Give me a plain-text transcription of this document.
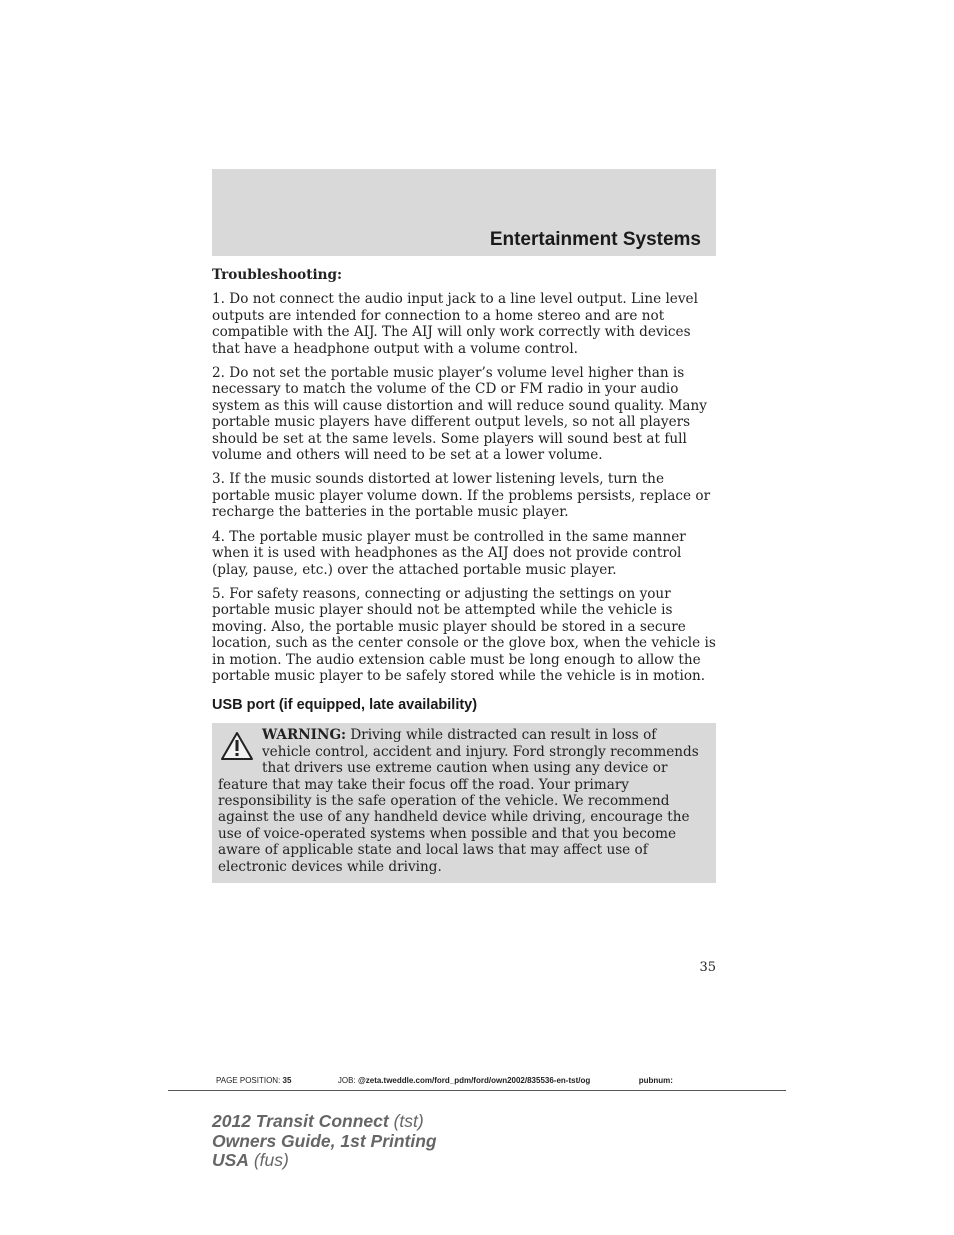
Entertainment Systems
Troubleshooting:

1. Do not connect the audio input jack to a line level output. Line level outputs are intended for connection to a home stereo and are not compatible with the AIJ. The AIJ will only work correctly with devices that have a headphone output with a volume control.

2. Do not set the portable music player’s volume level higher than is necessary to match the volume of the CD or FM radio in your audio system as this will cause distortion and will reduce sound quality. Many portable music players have different output levels, so not all players should be set at the same levels. Some players will sound best at full volume and others will need to be set at a lower volume.

3. If the music sounds distorted at lower listening levels, turn the portable music player volume down. If the problems persists, replace or recharge the batteries in the portable music player.

4. The portable music player must be controlled in the same manner when it is used with headphones as the AIJ does not provide control (play, pause, etc.) over the attached portable music player.

5. For safety reasons, connecting or adjusting the settings on your portable music player should not be attempted while the vehicle is moving. Also, the portable music player should be stored in a secure location, such as the center console or the glove box, when the vehicle is in motion. The audio extension cable must be long enough to allow the portable music player to be safely stored while the vehicle is in motion.

USB port (if equipped, late availability)
WARNING: Driving while distracted can result in loss of vehicle control, accident and injury. Ford strongly recommends that drivers use extreme caution when using any device or feature that may take their focus off the road. Your primary responsibility is the safe operation of the vehicle. We recommend against the use of any handheld device while driving, encourage the use of voice-operated systems when possible and that you become aware of applicable state and local laws that may affect use of electronic devices while driving.
35
PAGE POSITION: 35	JOB: @zeta.tweddle.com/ford_pdm/ford/own2002/835536-en-tst/og	pubnum:
2012 Transit Connect (tst)
Owners Guide, 1st Printing
USA (fus)
